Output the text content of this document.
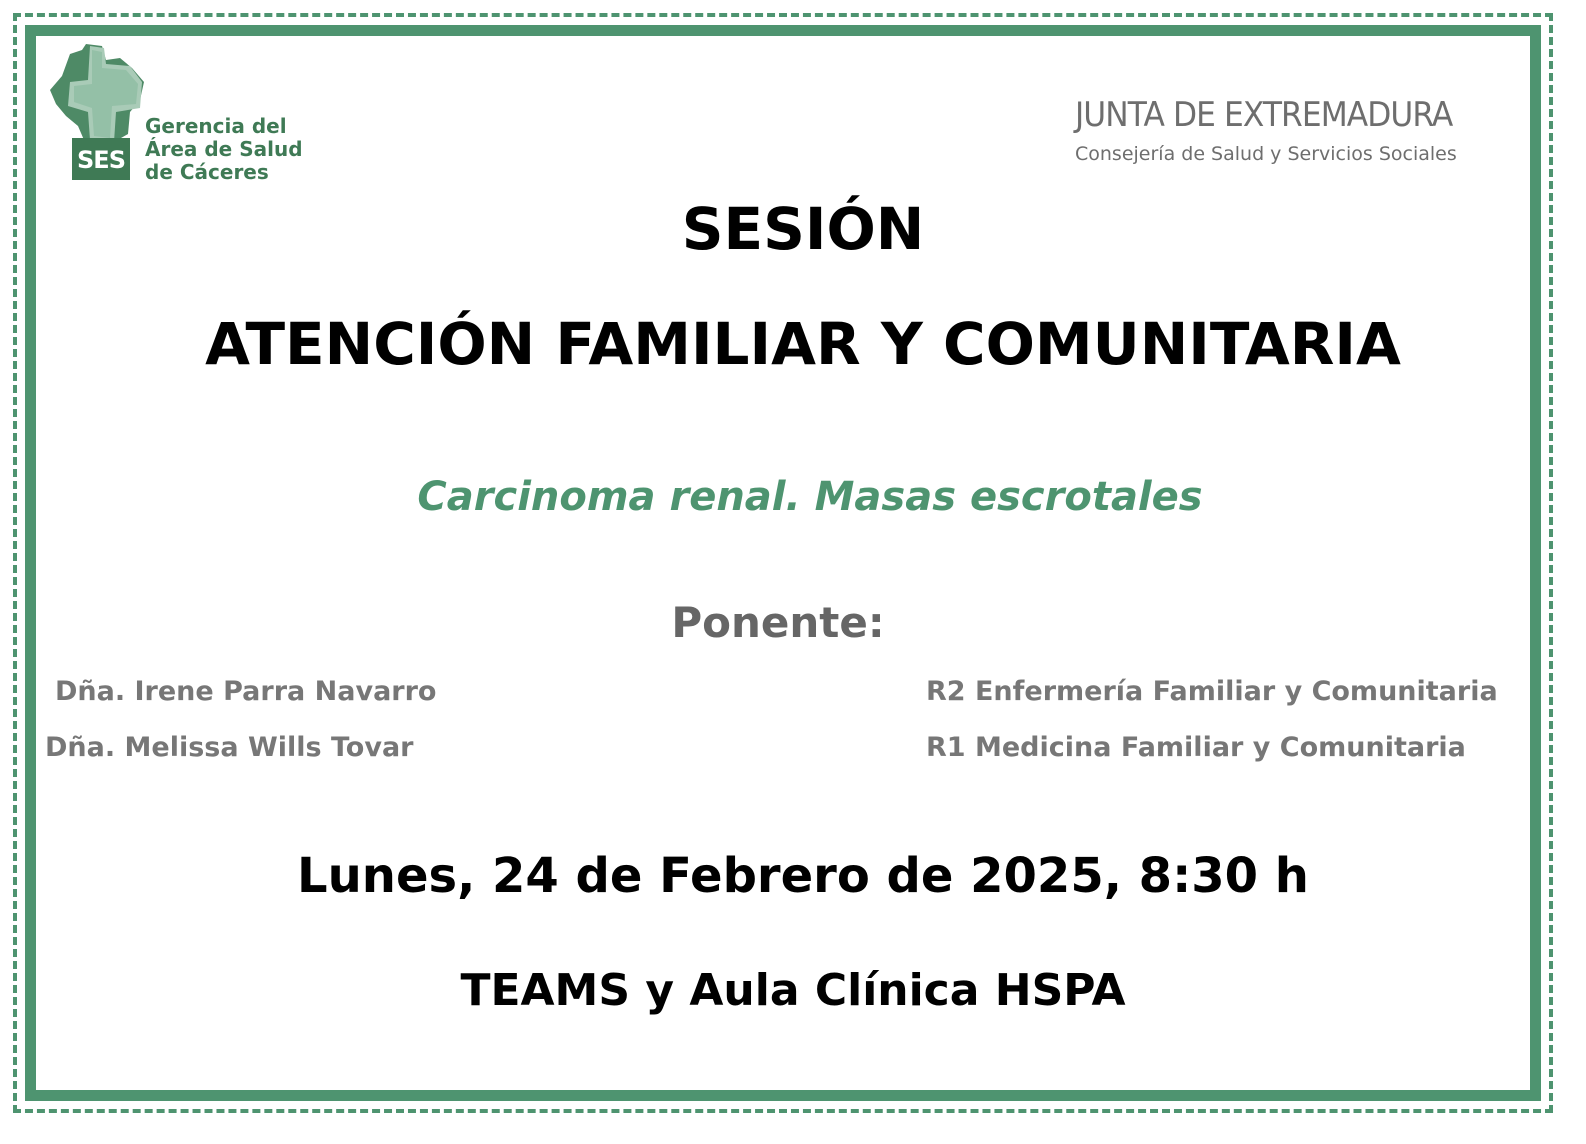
SES
Gerencia del
Área de Salud
de Cáceres
JUNTA DE EXTREMADURA
Consejería de Salud y Servicios Sociales
SESIÓN
ATENCIÓN FAMILIAR Y COMUNITARIA
Carcinoma renal. Masas escrotales
Ponente:
Dña. Irene Parra Navarro	R2 Enfermería Familiar y Comunitaria
Dña. Melissa Wills Tovar	R1 Medicina Familiar y Comunitaria
Lunes, 24 de Febrero de 2025, 8:30 h
TEAMS y Aula Clínica HSPA
